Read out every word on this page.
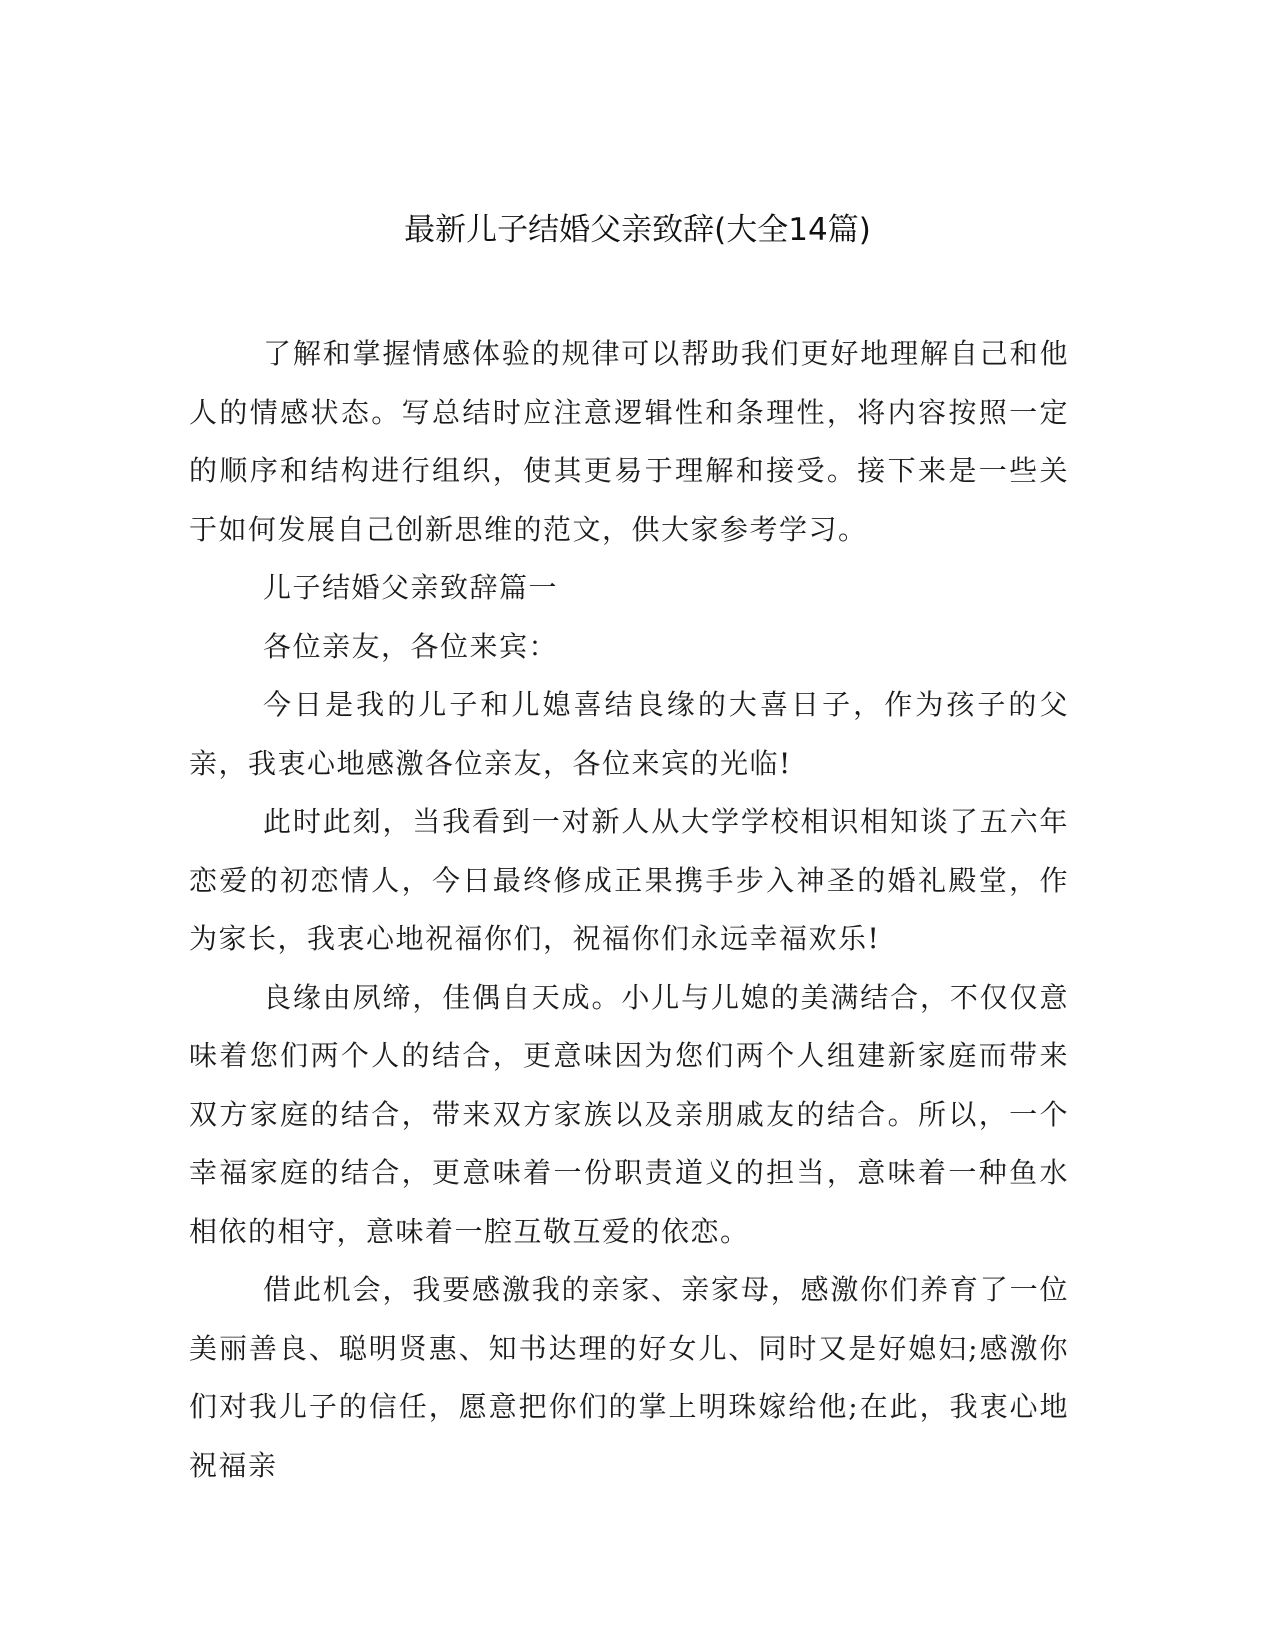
最新儿子结婚父亲致辞(大全14篇)

了解和掌握情感体验的规律可以帮助我们更好地理解自己和他人的情感状态。写总结时应注意逻辑性和条理性，将内容按照一定的顺序和结构进行组织，使其更易于理解和接受。接下来是一些关于如何发展自己创新思维的范文，供大家参考学习。

儿子结婚父亲致辞篇一

各位亲友，各位来宾：

今日是我的儿子和儿媳喜结良缘的大喜日子，作为孩子的父亲，我衷心地感激各位亲友，各位来宾的光临!

此时此刻，当我看到一对新人从大学学校相识相知谈了五六年恋爱的初恋情人，今日最终修成正果携手步入神圣的婚礼殿堂，作为家长，我衷心地祝福你们，祝福你们永远幸福欢乐!

良缘由夙缔，佳偶自天成。小儿与儿媳的美满结合，不仅仅意味着您们两个人的结合，更意味因为您们两个人组建新家庭而带来双方家庭的结合，带来双方家族以及亲朋戚友的结合。所以，一个幸福家庭的结合，更意味着一份职责道义的担当，意味着一种鱼水相依的相守，意味着一腔互敬互爱的依恋。

借此机会，我要感激我的亲家、亲家母，感激你们养育了一位美丽善良、聪明贤惠、知书达理的好女儿、同时又是好媳妇;感激你们对我儿子的信任，愿意把你们的掌上明珠嫁给他;在此，我衷心地祝福亲
